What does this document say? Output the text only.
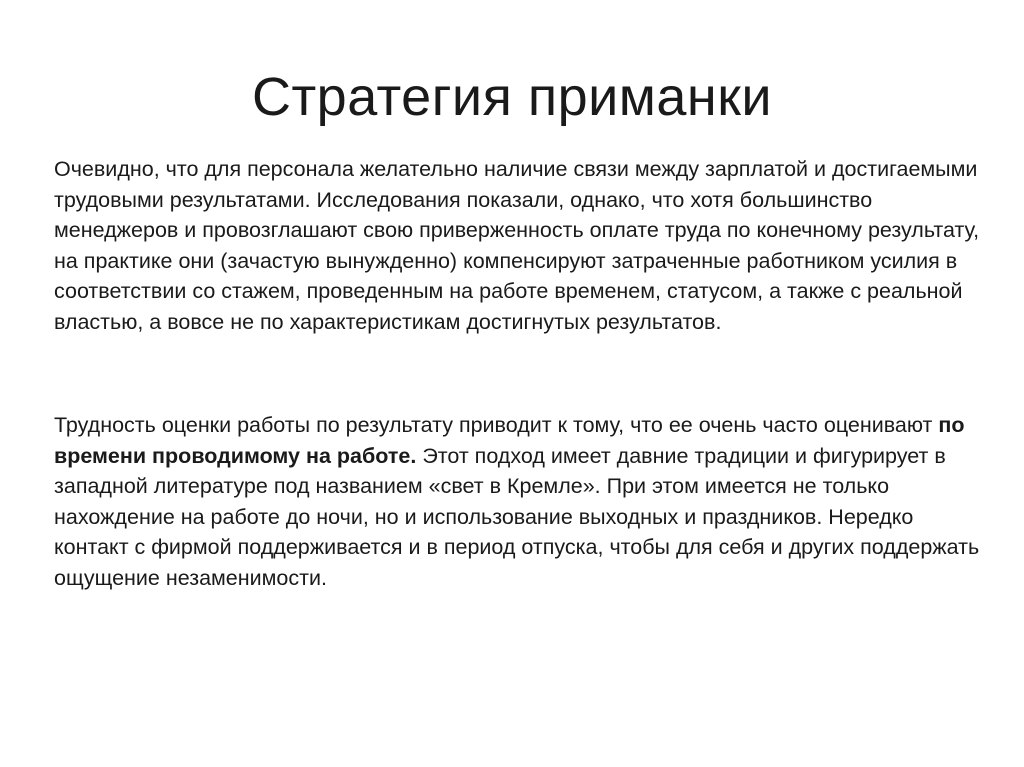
Стратегия приманки

Очевидно, что для персонала желательно наличие связи между зарплатой и достигаемыми трудовыми результатами. Исследования показали, однако, что хотя большинство менеджеров и провозглашают свою приверженность оплате труда по конечному результату, на практике они (зачастую вынужденно) компенсируют затраченные работником усилия в соответствии со стажем, проведенным на работе временем, статусом, а также с реальной властью, а вовсе не по характеристикам достигнутых результатов.

Трудность оценки работы по результату приводит к тому, что ее очень часто оценивают по времени проводимому на работе. Этот подход имеет давние традиции и фигурирует в западной литературе под названием «свет в Кремле». При этом имеется не только нахождение на работе до ночи, но и использование выходных и праздников. Нередко контакт с фирмой поддерживается и в период отпуска, чтобы для себя и других поддержать ощущение незаменимости.
